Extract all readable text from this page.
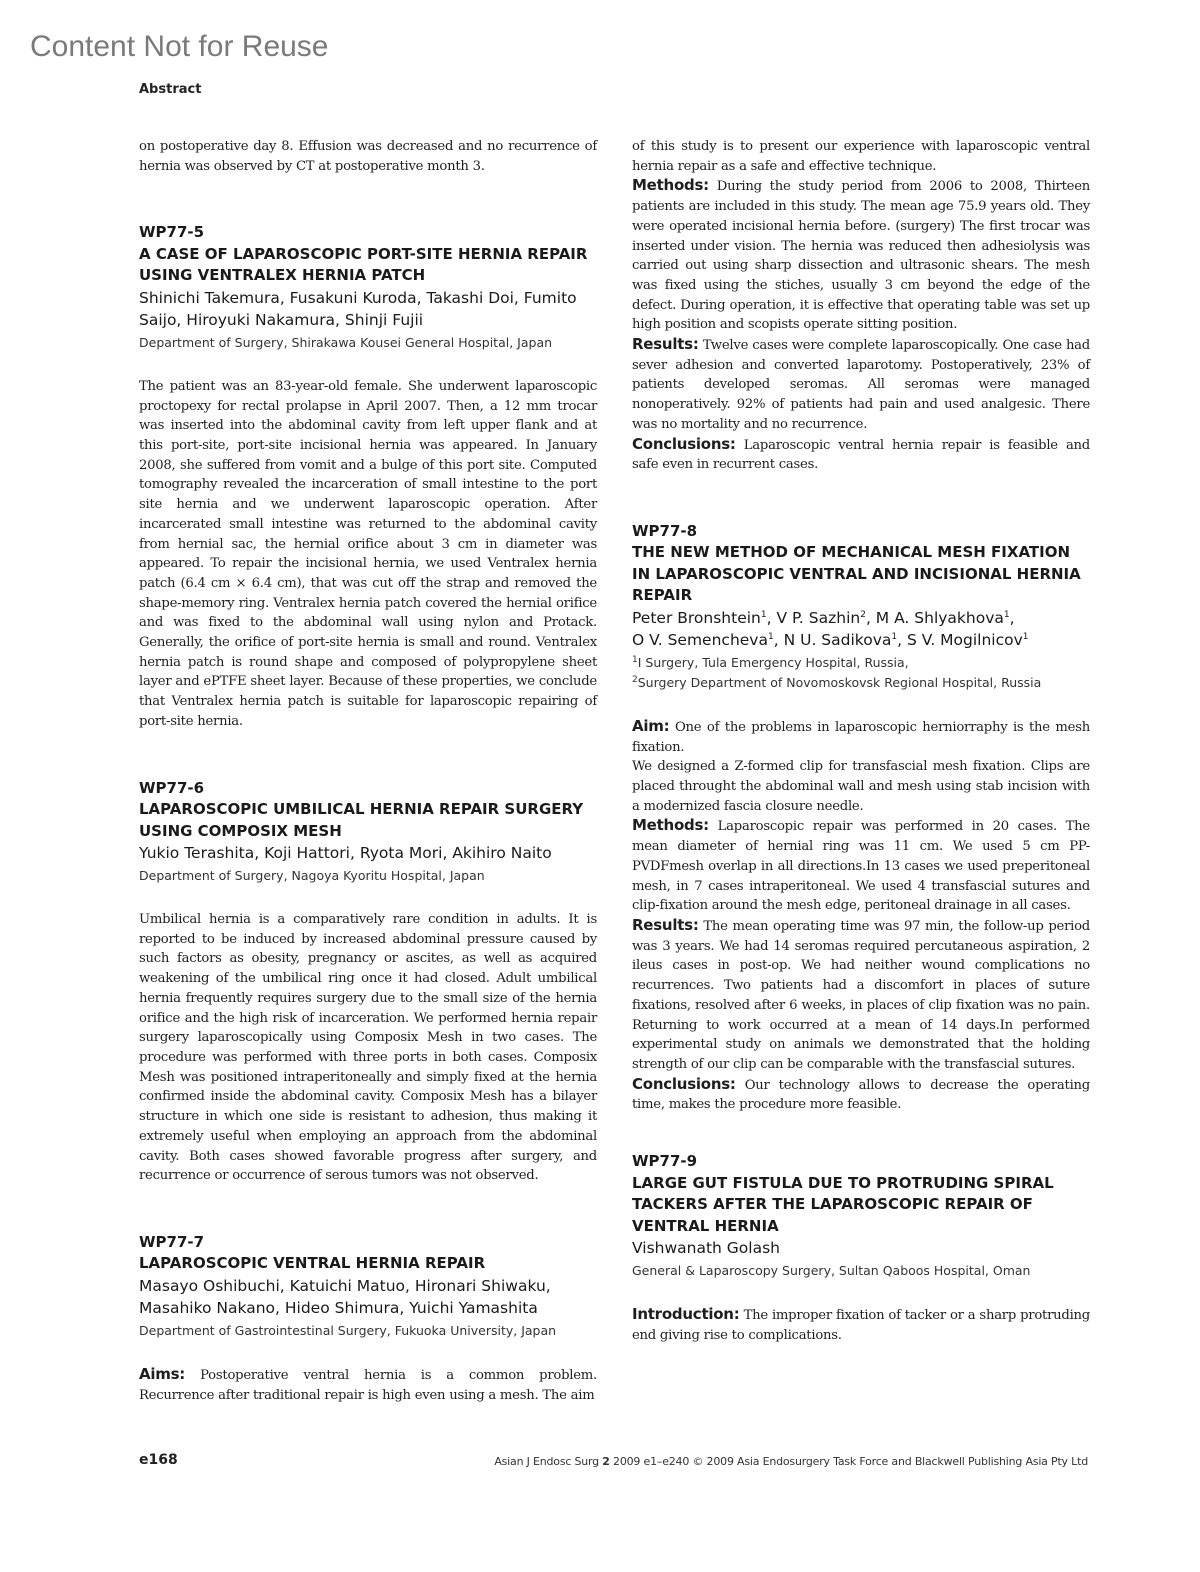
Content Not for Reuse
Abstract

on postoperative day 8. Effusion was decreased and no recurrence of hernia was observed by CT at postoperative month 3.

WP77-5

A CASE OF LAPAROSCOPIC PORT-SITE HERNIA REPAIR USING VENTRALEX HERNIA PATCH

Shinichi Takemura, Fusakuni Kuroda, Takashi Doi, Fumito Saijo, Hiroyuki Nakamura, Shinji Fujii

Department of Surgery, Shirakawa Kousei General Hospital, Japan

The patient was an 83-year-old female. She underwent laparoscopic proctopexy for rectal prolapse in April 2007. Then, a 12 mm trocar was inserted into the abdominal cavity from left upper flank and at this port-site, port-site incisional hernia was appeared. In January 2008, she suffered from vomit and a bulge of this port site. Computed tomography revealed the incarceration of small intestine to the port site hernia and we underwent laparoscopic operation. After incarcerated small intestine was returned to the abdominal cavity from hernial sac, the hernial orifice about 3 cm in diameter was appeared. To repair the incisional hernia, we used Ventralex hernia patch (6.4 cm × 6.4 cm), that was cut off the strap and removed the shape-memory ring. Ventralex hernia patch covered the hernial orifice and was fixed to the abdominal wall using nylon and Protack. Generally, the orifice of port-site hernia is small and round. Ventralex hernia patch is round shape and composed of polypropylene sheet layer and ePTFE sheet layer. Because of these properties, we conclude that Ventralex hernia patch is suitable for laparoscopic repairing of port-site hernia.

WP77-6

LAPAROSCOPIC UMBILICAL HERNIA REPAIR SURGERY USING COMPOSIX MESH

Yukio Terashita, Koji Hattori, Ryota Mori, Akihiro Naito

Department of Surgery, Nagoya Kyoritu Hospital, Japan

Umbilical hernia is a comparatively rare condition in adults. It is reported to be induced by increased abdominal pressure caused by such factors as obesity, pregnancy or ascites, as well as acquired weakening of the umbilical ring once it had closed. Adult umbilical hernia frequently requires surgery due to the small size of the hernia orifice and the high risk of incarceration. We performed hernia repair surgery laparoscopically using Composix Mesh in two cases. The procedure was performed with three ports in both cases. Composix Mesh was positioned intraperitoneally and simply fixed at the hernia confirmed inside the abdominal cavity. Composix Mesh has a bilayer structure in which one side is resistant to adhesion, thus making it extremely useful when employing an approach from the abdominal cavity. Both cases showed favorable progress after surgery, and recurrence or occurrence of serous tumors was not observed.

WP77-7

LAPAROSCOPIC VENTRAL HERNIA REPAIR

Masayo Oshibuchi, Katuichi Matuo, Hironari Shiwaku, Masahiko Nakano, Hideo Shimura, Yuichi Yamashita

Department of Gastrointestinal Surgery, Fukuoka University, Japan

Aims: Postoperative ventral hernia is a common problem. Recurrence after traditional repair is high even using a mesh. The aim

of this study is to present our experience with laparoscopic ventral hernia repair as a safe and effective technique.

Methods: During the study period from 2006 to 2008, Thirteen patients are included in this study. The mean age 75.9 years old. They were operated incisional hernia before. (surgery) The first trocar was inserted under vision. The hernia was reduced then adhesiolysis was carried out using sharp dissection and ultrasonic shears. The mesh was fixed using the stiches, usually 3 cm beyond the edge of the defect. During operation, it is effective that operating table was set up high position and scopists operate sitting position.

Results: Twelve cases were complete laparoscopically. One case had sever adhesion and converted laparotomy. Postoperatively, 23% of patients developed seromas. All seromas were managed nonoperatively. 92% of patients had pain and used analgesic. There was no mortality and no recurrence.

Conclusions: Laparoscopic ventral hernia repair is feasible and safe even in recurrent cases.

WP77-8

THE NEW METHOD OF MECHANICAL MESH FIXATION IN LAPAROSCOPIC VENTRAL AND INCISIONAL HERNIA REPAIR

Peter Bronshtein$^1$, V P. Sazhin$^2$, M A. Shlyakhova$^1$,
O V. Semencheva$^1$, N U. Sadikova$^1$, S V. Mogilnicov$^1$

$^1$I Surgery, Tula Emergency Hospital, Russia,

$^2$Surgery Department of Novomoskovsk Regional Hospital, Russia

Aim: One of the problems in laparoscopic herniorraphy is the mesh fixation.

We designed a Z-formed clip for transfascial mesh fixation. Clips are placed throught the abdominal wall and mesh using stab incision with a modernized fascia closure needle.

Methods: Laparoscopic repair was performed in 20 cases. The mean diameter of hernial ring was 11 cm. We used 5 cm PP-PVDFmesh overlap in all directions.In 13 cases we used preperitoneal mesh, in 7 cases intraperitoneal. We used 4 transfascial sutures and clip-fixation around the mesh edge, peritoneal drainage in all cases.

Results: The mean operating time was 97 min, the follow-up period was 3 years. We had 14 seromas required percutaneous aspiration, 2 ileus cases in post-op. We had neither wound complications no recurrences. Two patients had a discomfort in places of suture fixations, resolved after 6 weeks, in places of clip fixation was no pain. Returning to work occurred at a mean of 14 days.In performed experimental study on animals we demonstrated that the holding strength of our clip can be comparable with the transfascial sutures.

Conclusions: Our technology allows to decrease the operating time, makes the procedure more feasible.

WP77-9

LARGE GUT FISTULA DUE TO PROTRUDING SPIRAL TACKERS AFTER THE LAPAROSCOPIC REPAIR OF VENTRAL HERNIA

Vishwanath Golash

General & Laparoscopy Surgery, Sultan Qaboos Hospital, Oman

Introduction: The improper fixation of tacker or a sharp protruding end giving rise to complications.

e168	Asian J Endosc Surg 2 2009 e1–e240 © 2009 Asia Endosurgery Task Force and Blackwell Publishing Asia Pty Ltd
